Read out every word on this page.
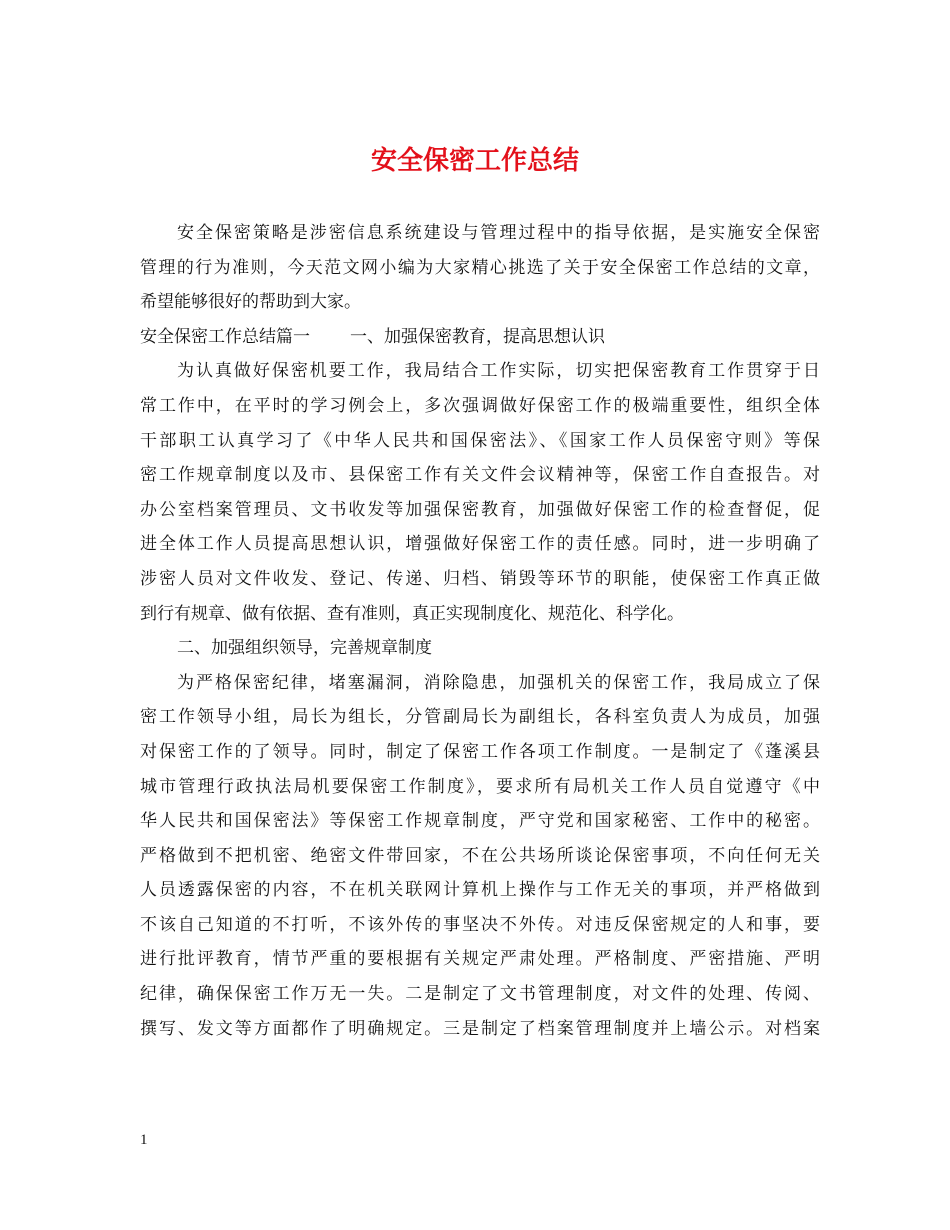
安全保密工作总结
安全保密策略是涉密信息系统建设与管理过程中的指导依据，是实施安全保密
管理的行为准则，今天范文网小编为大家精心挑选了关于安全保密工作总结的文章，
希望能够很好的帮助到大家。
安全保密工作总结篇一 一、加强保密教育，提高思想认识
为认真做好保密机要工作，我局结合工作实际，切实把保密教育工作贯穿于日
常工作中，在平时的学习例会上，多次强调做好保密工作的极端重要性，组织全体
干部职工认真学习了《中华人民共和国保密法》、《国家工作人员保密守则》等保
密工作规章制度以及市、县保密工作有关文件会议精神等，保密工作自查报告。对
办公室档案管理员、文书收发等加强保密教育，加强做好保密工作的检查督促，促
进全体工作人员提高思想认识，增强做好保密工作的责任感。同时，进一步明确了
涉密人员对文件收发、登记、传递、归档、销毁等环节的职能，使保密工作真正做
到行有规章、做有依据、查有准则，真正实现制度化、规范化、科学化。
二、加强组织领导，完善规章制度
为严格保密纪律，堵塞漏洞，消除隐患，加强机关的保密工作，我局成立了保
密工作领导小组，局长为组长，分管副局长为副组长，各科室负责人为成员，加强
对保密工作的了领导。同时，制定了保密工作各项工作制度。一是制定了《蓬溪县
城市管理行政执法局机要保密工作制度》，要求所有局机关工作人员自觉遵守《中
华人民共和国保密法》等保密工作规章制度，严守党和国家秘密、工作中的秘密。
严格做到不把机密、绝密文件带回家，不在公共场所谈论保密事项，不向任何无关
人员透露保密的内容，不在机关联网计算机上操作与工作无关的事项，并严格做到
不该自己知道的不打听，不该外传的事坚决不外传。对违反保密规定的人和事，要
进行批评教育，情节严重的要根据有关规定严肃处理。严格制度、严密措施、严明
纪律，确保保密工作万无一失。二是制定了文书管理制度，对文件的处理、传阅、
撰写、发文等方面都作了明确规定。三是制定了档案管理制度并上墙公示。对档案
1
